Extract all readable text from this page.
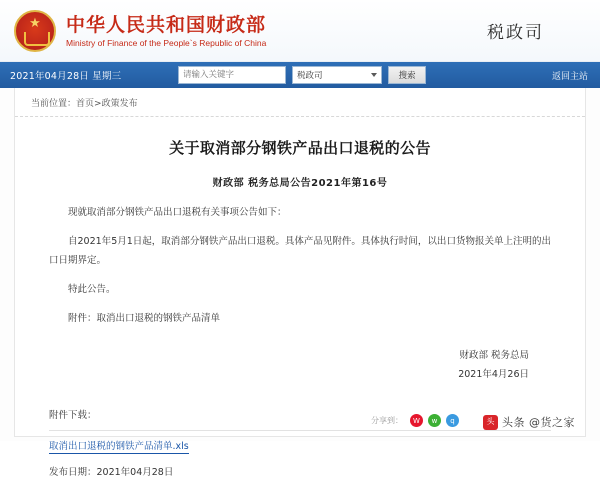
★
中华人民共和国财政部
Ministry of Finance of the People`s Republic of China	税政司
2021年04月28日 星期三
请输入关键字	税政司	搜索	返回主站
当前位置：首页>政策发布
关于取消部分钢铁产品出口退税的公告
财政部 税务总局公告2021年第16号

现就取消部分钢铁产品出口退税有关事项公告如下：

自2021年5月1日起，取消部分钢铁产品出口退税。具体产品见附件。具体执行时间，以出口货物报关单上注明的出口日期界定。

特此公告。

附件：取消出口退税的钢铁产品清单

财政部 税务总局
2021年4月26日
附件下载：
取消出口退税的钢铁产品清单.xls
发布日期：2021年04月28日
分享到：	W	w	q	头 头条 @货之家
